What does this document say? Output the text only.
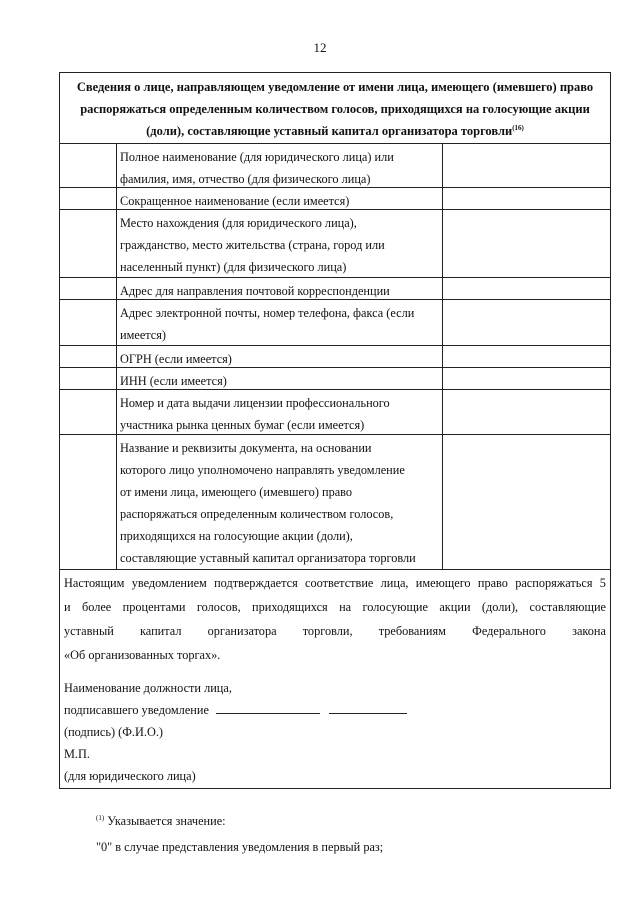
12
Сведения о лице, направляющем уведомление от имени лица, имеющего (имевшего) право
распоряжаться определенным количеством голосов, приходящихся на голосующие акции
(доли), составляющие уставный капитал организатора торговли$^{(16)}$
Полное наименование (для юридического лица) или
фамилия, имя, отчество (для физического лица)
Сокращенное наименование (если имеется)
Место нахождения (для юридического лица),
гражданство, место жительства (страна, город или
населенный пункт) (для физического лица)
Адрес для направления почтовой корреспонденции
Адрес электронной почты, номер телефона, факса (если
имеется)
ОГРН (если имеется)
ИНН (если имеется)
Номер и дата выдачи лицензии профессионального
участника рынка ценных бумаг (если имеется)
Название и реквизиты документа, на основании
которого лицо уполномочено направлять уведомление
от имени лица, имеющего (имевшего) право
распоряжаться определенным количеством голосов,
приходящихся на голосующие акции (доли),
составляющие уставный капитал организатора торговли
Настоящим уведомлением подтверждается соответствие лица, имеющего право распоряжаться 5
и более процентами голосов, приходящихся на голосующие акции (доли), составляющие
уставный капитал организатора торговли, требованиям Федерального закона
«Об организованных торгах».
Наименование должности лица,
подписавшего уведомление
(подпись) (Ф.И.О.)
М.П.
(для юридического лица)
$^{(1)}$ Указывается значение:
"0" в случае представления уведомления в первый раз;
